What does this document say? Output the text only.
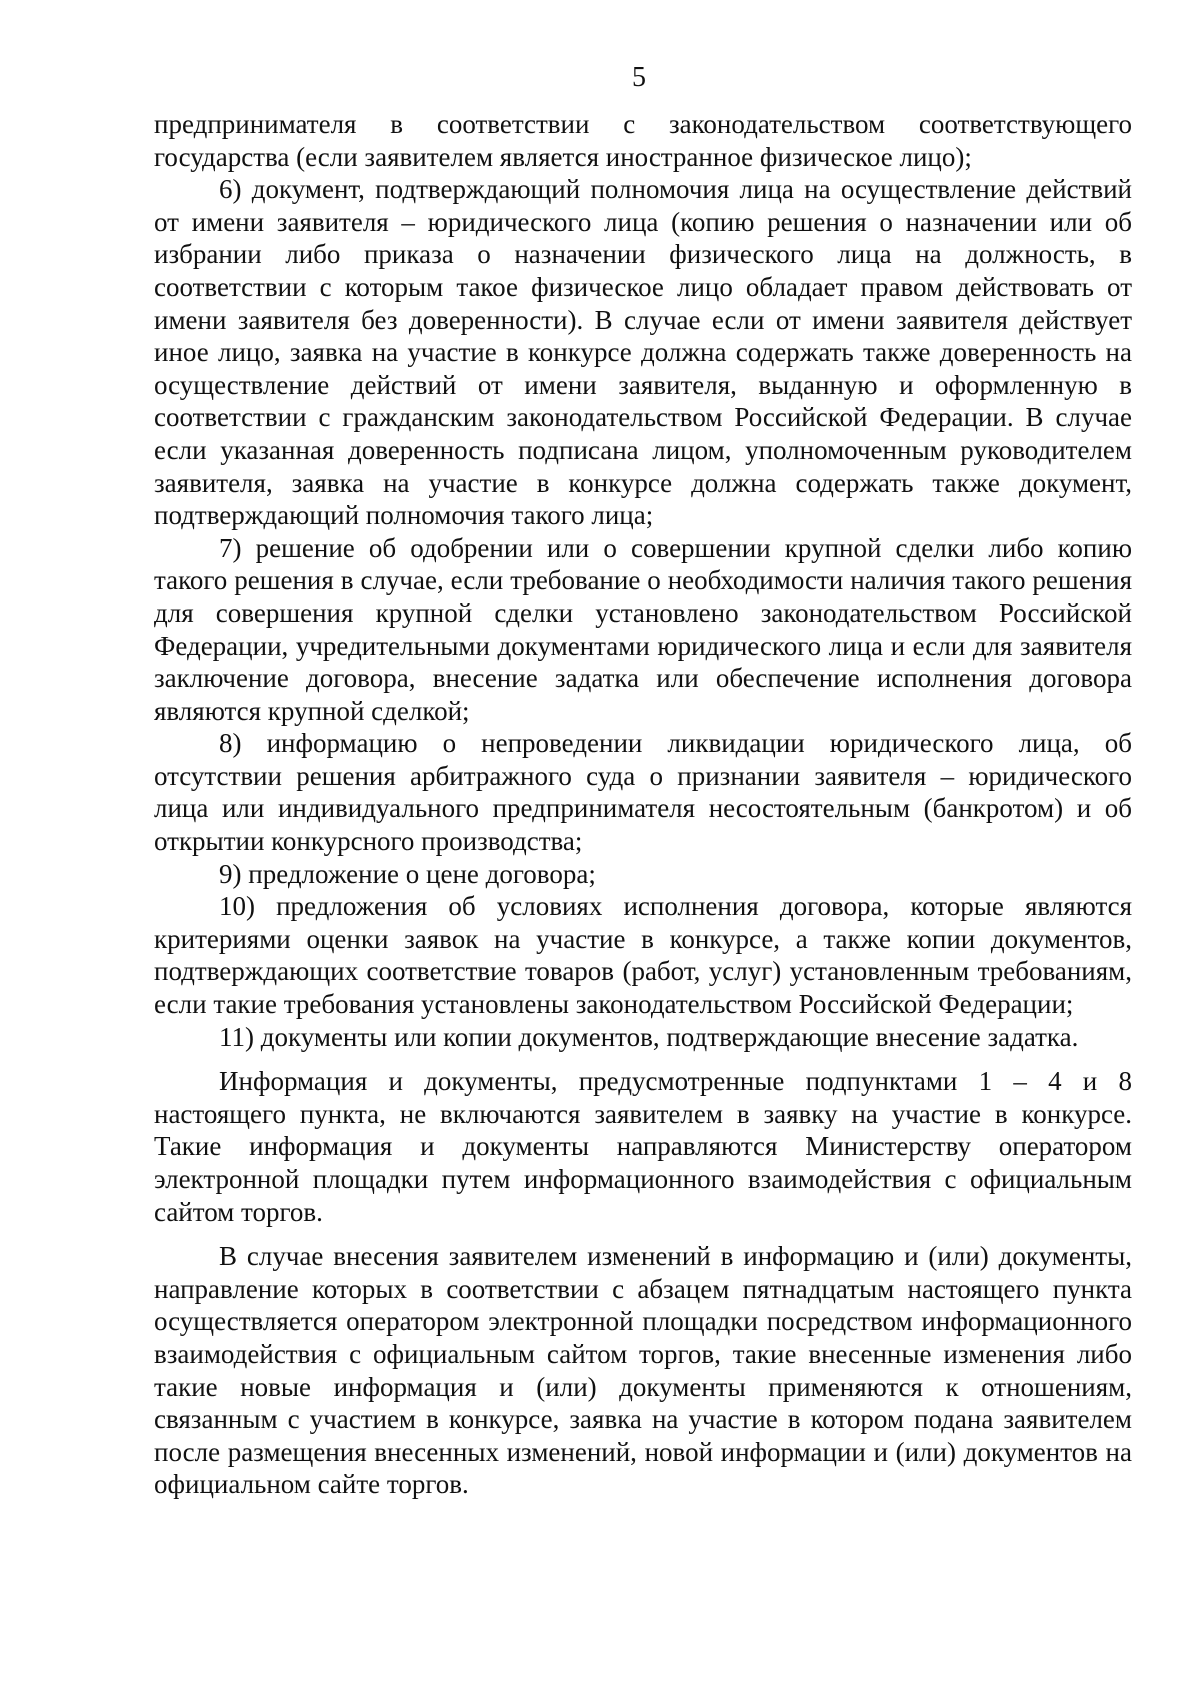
5

предпринимателя в соответствии с законодательством соответствующего государства (если заявителем является иностранное физическое лицо);

6) документ, подтверждающий полномочия лица на осуществление действий от имени заявителя – юридического лица (копию решения о назначении или об избрании либо приказа о назначении физического лица на должность, в соответствии с которым такое физическое лицо обладает правом действовать от имени заявителя без доверенности). В случае если от имени заявителя действует иное лицо, заявка на участие в конкурсе должна содержать также доверенность на осуществление действий от имени заявителя, выданную и оформленную в соответствии с гражданским законодательством Российской Федерации. В случае если указанная доверенность подписана лицом, уполномоченным руководителем заявителя, заявка на участие в конкурсе должна содержать также документ, подтверждающий полномочия такого лица;

7) решение об одобрении или о совершении крупной сделки либо копию такого решения в случае, если требование о необходимости наличия такого решения для совершения крупной сделки установлено законодательством Российской Федерации, учредительными документами юридического лица и если для заявителя заключение договора, внесение задатка или обеспечение исполнения договора являются крупной сделкой;

8) информацию о непроведении ликвидации юридического лица, об отсутствии решения арбитражного суда о признании заявителя – юридического лица или индивидуального предпринимателя несостоятельным (банкротом) и об открытии конкурсного производства;

9) предложение о цене договора;

10) предложения об условиях исполнения договора, которые являются критериями оценки заявок на участие в конкурсе, а также копии документов, подтверждающих соответствие товаров (работ, услуг) установленным требованиям, если такие требования установлены законодательством Российской Федерации;

11) документы или копии документов, подтверждающие внесение задатка.

Информация и документы, предусмотренные подпунктами 1 – 4 и 8 настоящего пункта, не включаются заявителем в заявку на участие в конкурсе. Такие информация и документы направляются Министерству оператором электронной площадки путем информационного взаимодействия с официальным сайтом торгов.

В случае внесения заявителем изменений в информацию и (или) документы, направление которых в соответствии с абзацем пятнадцатым настоящего пункта осуществляется оператором электронной площадки посредством информационного взаимодействия с официальным сайтом торгов, такие внесенные изменения либо такие новые информация и (или) документы применяются к отношениям, связанным с участием в конкурсе, заявка на участие в котором подана заявителем после размещения внесенных изменений, новой информации и (или) документов на официальном сайте торгов.
